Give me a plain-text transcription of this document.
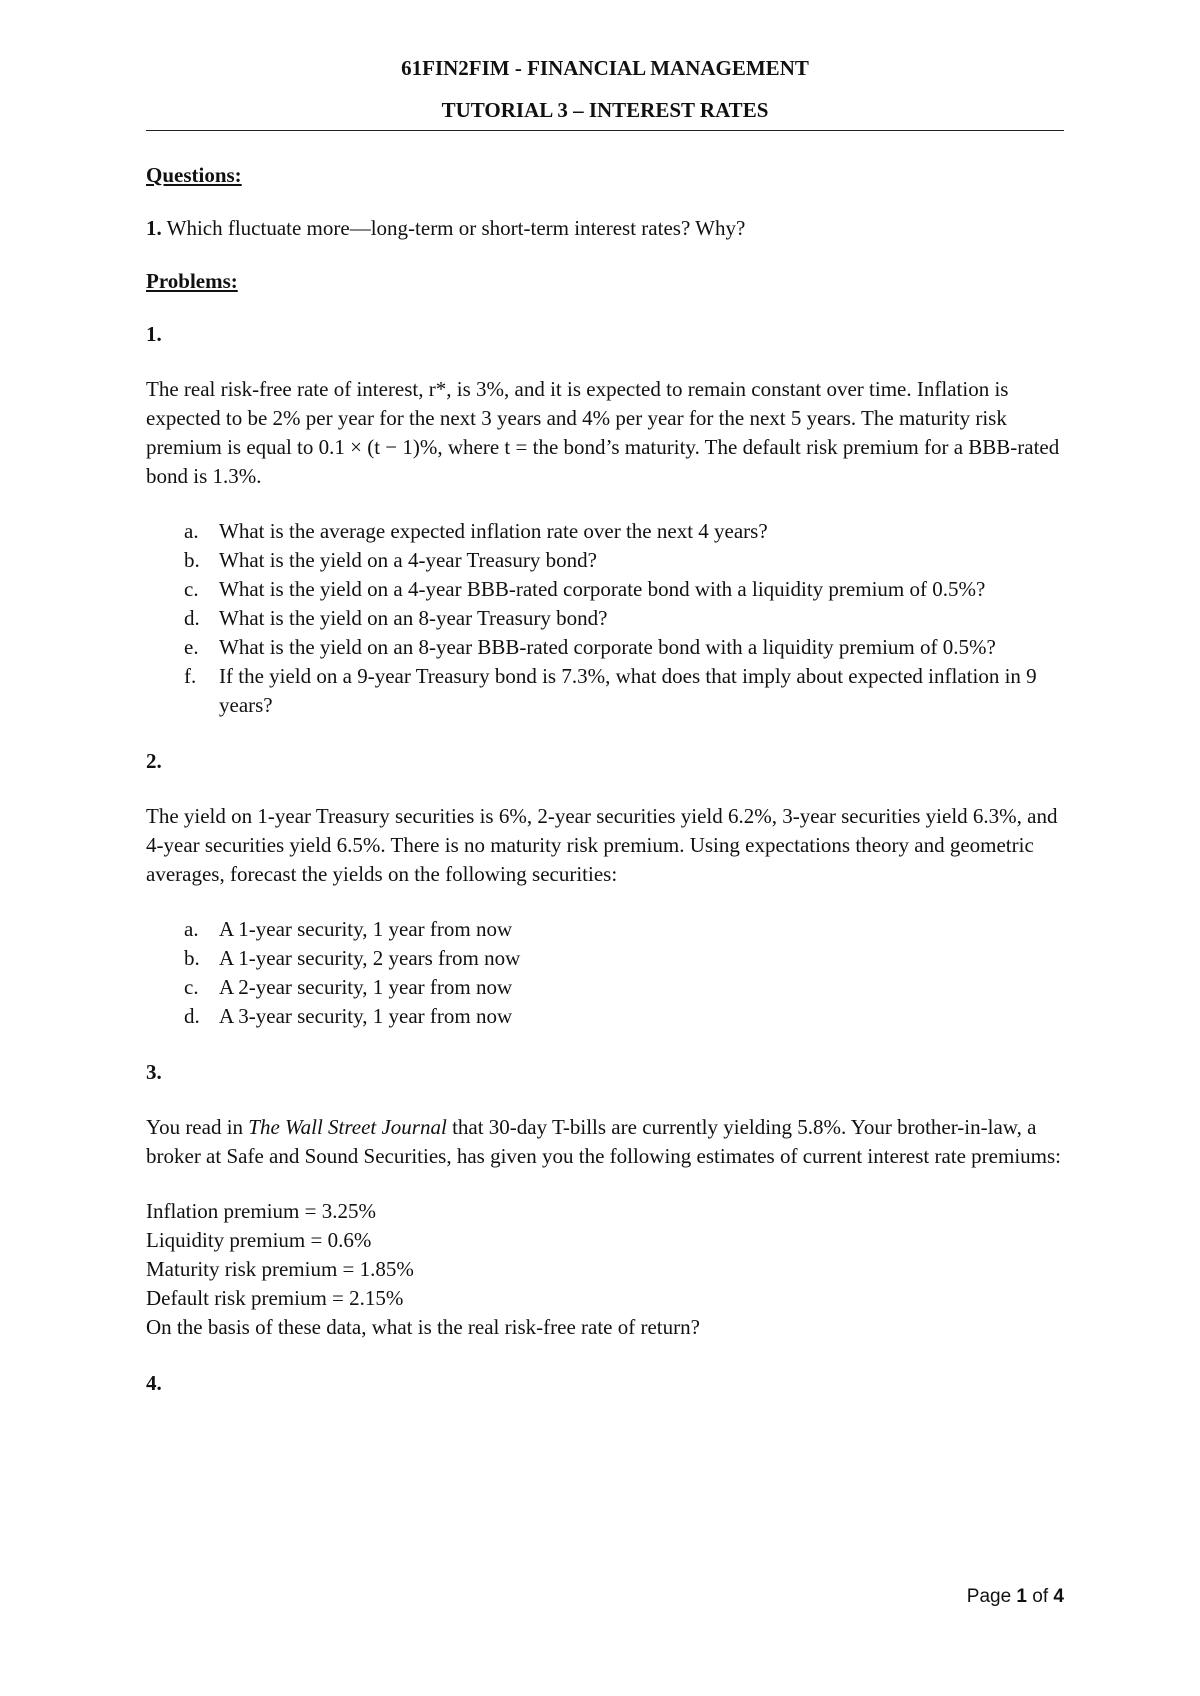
61FIN2FIM - FINANCIAL MANAGEMENT

TUTORIAL 3 – INTEREST RATES

Questions:

1. Which fluctuate more—long-term or short-term interest rates? Why?

Problems:

1.

The real risk-free rate of interest, r*, is 3%, and it is expected to remain constant over time. Inflation is expected to be 2% per year for the next 3 years and 4% per year for the next 5 years. The maturity risk premium is equal to 0.1 × (t − 1)%, where t = the bond’s maturity. The default risk premium for a BBB-rated bond is 1.3%.

a. What is the average expected inflation rate over the next 4 years?
b. What is the yield on a 4-year Treasury bond?
c. What is the yield on a 4-year BBB-rated corporate bond with a liquidity premium of 0.5%?
d. What is the yield on an 8-year Treasury bond?
e. What is the yield on an 8-year BBB-rated corporate bond with a liquidity premium of 0.5%?
f. If the yield on a 9-year Treasury bond is 7.3%, what does that imply about expected inflation in 9 years?

2.

The yield on 1-year Treasury securities is 6%, 2-year securities yield 6.2%, 3-year securities yield 6.3%, and 4-year securities yield 6.5%. There is no maturity risk premium. Using expectations theory and geometric averages, forecast the yields on the following securities:

a. A 1-year security, 1 year from now
b. A 1-year security, 2 years from now
c. A 2-year security, 1 year from now
d. A 3-year security, 1 year from now

3.

You read in The Wall Street Journal that 30-day T-bills are currently yielding 5.8%. Your brother-in-law, a broker at Safe and Sound Securities, has given you the following estimates of current interest rate premiums:

Inflation premium = 3.25%

Liquidity premium = 0.6%

Maturity risk premium = 1.85%

Default risk premium = 2.15%

On the basis of these data, what is the real risk-free rate of return?

4.

Page 1 of 4
